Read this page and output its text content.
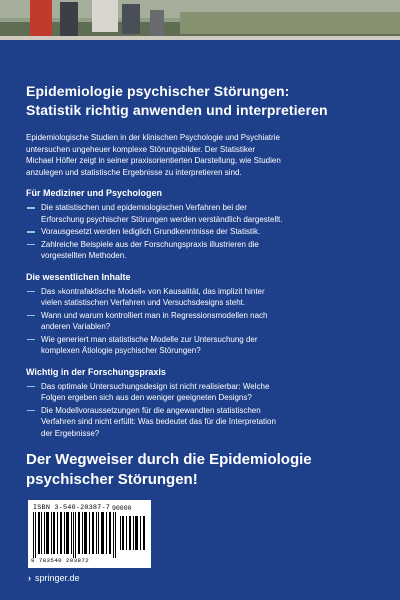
Epidemiologie psychischer Störungen:
Statistik richtig anwenden und interpretieren

Epidemiologische Studien in der klinischen Psychologie und Psychiatrie
untersuchen ungeheuer komplexe Störungsbilder. Der Statistiker
Michael Höfler zeigt in seiner praxisorientierten Darstellung, wie Studien
anzulegen und statistische Ergebnisse zu interpretieren sind.

Für Mediziner und Psychologen
Die statistischen und epidemiologischen Verfahren bei der
Erforschung psychischer Störungen werden verständlich dargestellt.
Vorausgesetzt werden lediglich Grundkenntnisse der Statistik.
Zahlreiche Beispiele aus der Forschungspraxis illustrieren die
vorgestellten Methoden.
Die wesentlichen Inhalte
Das »kontrafaktische Modell« von Kausalität, das implizit hinter
vielen statistischen Verfahren und Versuchsdesigns steht.
Wann und warum kontrolliert man in Regressionsmodellen nach
anderen Variablen?
Wie generiert man statistische Modelle zur Untersuchung der
komplexen Ätiologie psychischer Störungen?
Wichtig in der Forschungspraxis
Das optimale Untersuchungsdesign ist nicht realisierbar: Welche
Folgen ergeben sich aus den weniger geeigneten Designs?
Die Modellvoraussetzungen für die angewandten statistischen
Verfahren sind nicht erfüllt: Was bedeutet das für die Interpretation
der Ergebnisse?

Der Wegweiser durch die Epidemiologie
psychischer Störungen!

ISBN 3-540-20387-7 90000
9 783540 203872
› springer.de
